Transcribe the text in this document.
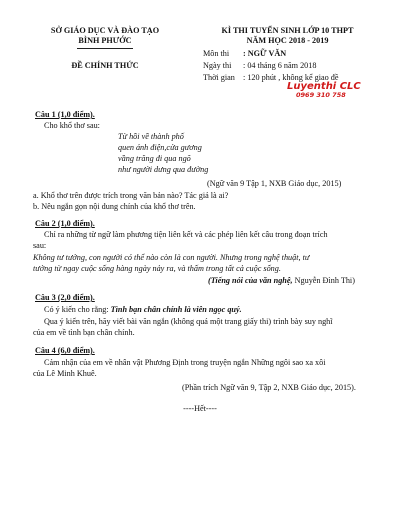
SỞ GIÁO DỤC VÀ ĐÀO TẠO
BÌNH PHƯỚC
ĐỀ CHÍNH THỨC
KÌ THI TUYỂN SINH LỚP 10 THPT
NĂM HỌC 2018 - 2019
Môn thi : NGỮ VĂN
Ngày thi : 04 tháng 6 năm 2018
Thời gian : 120 phút , không kể giao đề
Luyenthi CLC
0969 310 758
Câu 1 (1,0 điểm).
Cho khổ thơ sau:
Từ hồi về thành phố
quen ánh điện,cửa gương
vầng trăng đi qua ngõ
như người dưng qua đường
(Ngữ văn 9 Tập 1, NXB Giáo dục, 2015)
a. Khổ thơ trên được trích trong văn bản nào? Tác giả là ai?
b. Nêu ngắn gọn nội dung chính của khổ thơ trên.
Câu 2 (1,0 điểm).
Chỉ ra những từ ngữ làm phương tiện liên kết và các phép liên kết câu trong đoạn trích
sau:
Không tư tưởng, con người có thể nào còn là con người. Nhưng trong nghệ thuật, tư
tưởng từ ngay cuộc sống hàng ngày nảy ra, và thấm trong tất cả cuộc sống.
(Tiếng nói của văn nghệ, Nguyễn Đình Thi)
Câu 3 (2,0 điểm).
Có ý kiến cho rằng: Tình bạn chân chính là viên ngọc quý.
Qua ý kiến trên, hãy viết bài văn ngắn (không quá một trang giấy thi) trình bày suy nghĩ
của em về tình bạn chân chính.
Câu 4 (6,0 điểm).
Cảm nhận của em về nhân vật Phương Định trong truyện ngắn Những ngôi sao xa xôi
của Lê Minh Khuê.
(Phần trích Ngữ văn 9, Tập 2, NXB Giáo dục, 2015).
----Hết----
